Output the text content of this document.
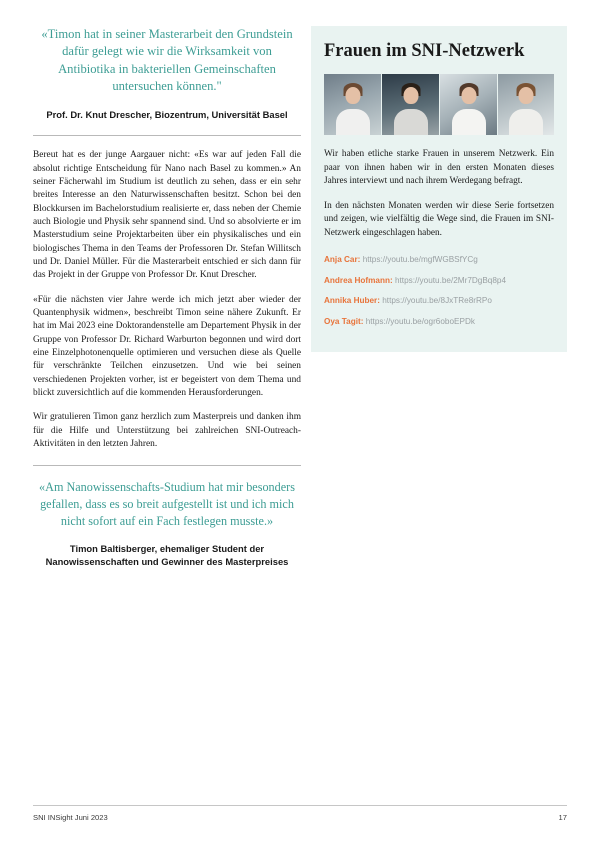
«Timon hat in seiner Masterarbeit den Grundstein dafür gelegt wie wir die Wirksamkeit von Antibiotika in bakteriellen Gemeinschaften untersuchen können."
Prof. Dr. Knut Drescher, Biozentrum, Universität Basel

Bereut hat es der junge Aargauer nicht: «Es war auf jeden Fall die absolut richtige Entscheidung für Nano nach Basel zu kommen.» An seiner Fächerwahl im Studium ist deutlich zu sehen, dass er ein sehr breites Interesse an den Naturwissenschaften besitzt. Schon bei den Blockkursen im Bachelorstudium realisierte er, dass neben der Chemie auch Biologie und Physik sehr spannend sind. Und so absolvierte er im Masterstudium seine Projektarbeiten über ein physikalisches und ein biologisches Thema in den Teams der Professoren Dr. Stefan Willitsch und Dr. Daniel Müller. Für die Masterarbeit entschied er sich dann für das Projekt in der Gruppe von Professor Dr. Knut Drescher.

«Für die nächsten vier Jahre werde ich mich jetzt aber wieder der Quantenphysik widmen», beschreibt Timon seine nähere Zukunft. Er hat im Mai 2023 eine Doktorandenstelle am Departement Physik in der Gruppe von Professor Dr. Richard Warburton begonnen und wird dort eine Einzelphotonenquelle optimieren und versuchen diese als Quelle für verschränkte Teilchen einzusetzen. Und wie bei seinen verschiedenen Projekten vorher, ist er begeistert von dem Thema und blickt zuversichtlich auf die kommenden Herausforderungen.

Wir gratulieren Timon ganz herzlich zum Masterpreis und danken ihm für die Hilfe und Unterstützung bei zahlreichen SNI-Outreach-Aktivitäten in den letzten Jahren.

«Am Nanowissenschafts-Studium hat mir besonders gefallen, dass es so breit aufgestellt ist und ich mich nicht sofort auf ein Fach festlegen musste.»
Timon Baltisberger, ehemaliger Student der Nanowissenschaften und Gewinner des Masterpreises
Frauen im SNI-Netzwerk

Wir haben etliche starke Frauen in unserem Netzwerk. Ein paar von ihnen haben wir in den ersten Monaten dieses Jahres interviewt und nach ihrem Werdegang befragt.

In den nächsten Monaten werden wir diese Serie fortsetzen und zeigen, wie vielfältig die Wege sind, die Frauen im SNI-Netzwerk eingeschlagen haben.

Anja Car: https://youtu.be/mgfWGBSfYCg
Andrea Hofmann: https://youtu.be/2Mr7DgBq8p4
Annika Huber: https://youtu.be/8JxTRe8rRPo
Oya Tagit: https://youtu.be/ogr6oboEPDk
SNI INSight Juni 2023	17
